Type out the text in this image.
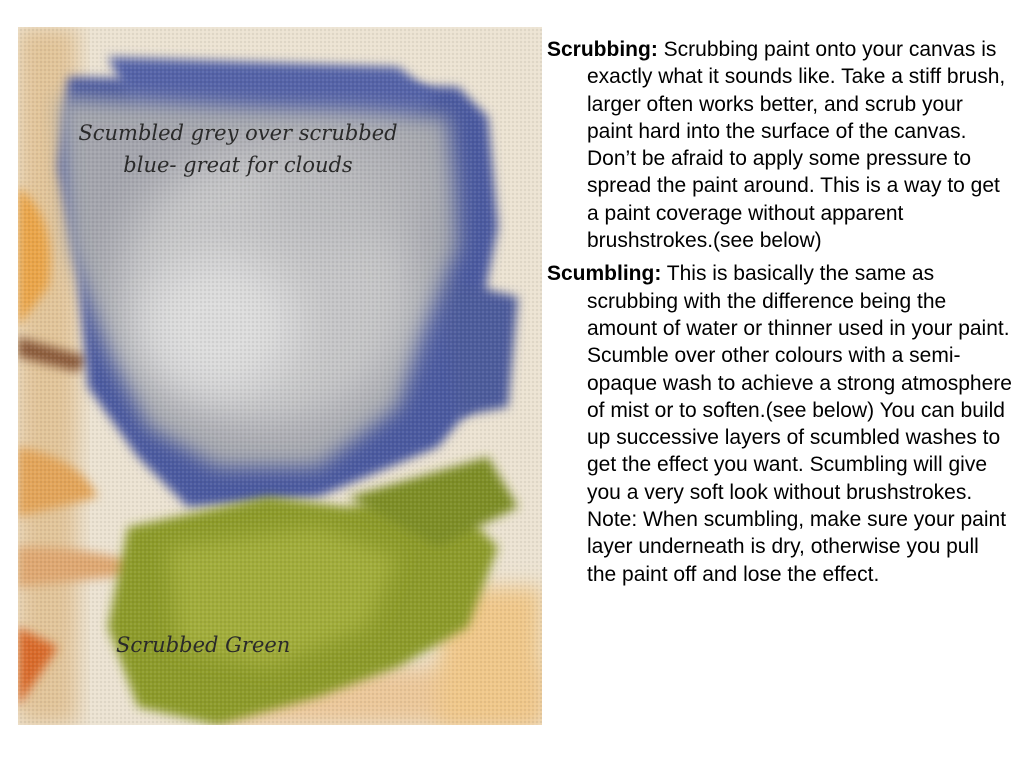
Scumbled grey over scrubbed
blue- great for clouds
Scrubbed Green

Scrubbing: Scrubbing paint onto your canvas is exactly what it sounds like. Take a stiff brush, larger often works better, and scrub your paint hard into the surface of the canvas. Don’t be afraid to apply some pressure to spread the paint around. This is a way to get a paint coverage without apparent brushstrokes.(see below)

Scumbling: This is basically the same as scrubbing with the difference being the amount of water or thinner used in your paint. Scumble over other colours with a semi-opaque wash to achieve a strong atmosphere of mist or to soften.(see below) You can build up successive layers of scumbled washes to get the effect you want. Scumbling will give you a very soft look without brushstrokes. Note: When scumbling, make sure your paint layer underneath is dry, otherwise you pull the paint off and lose the effect.
